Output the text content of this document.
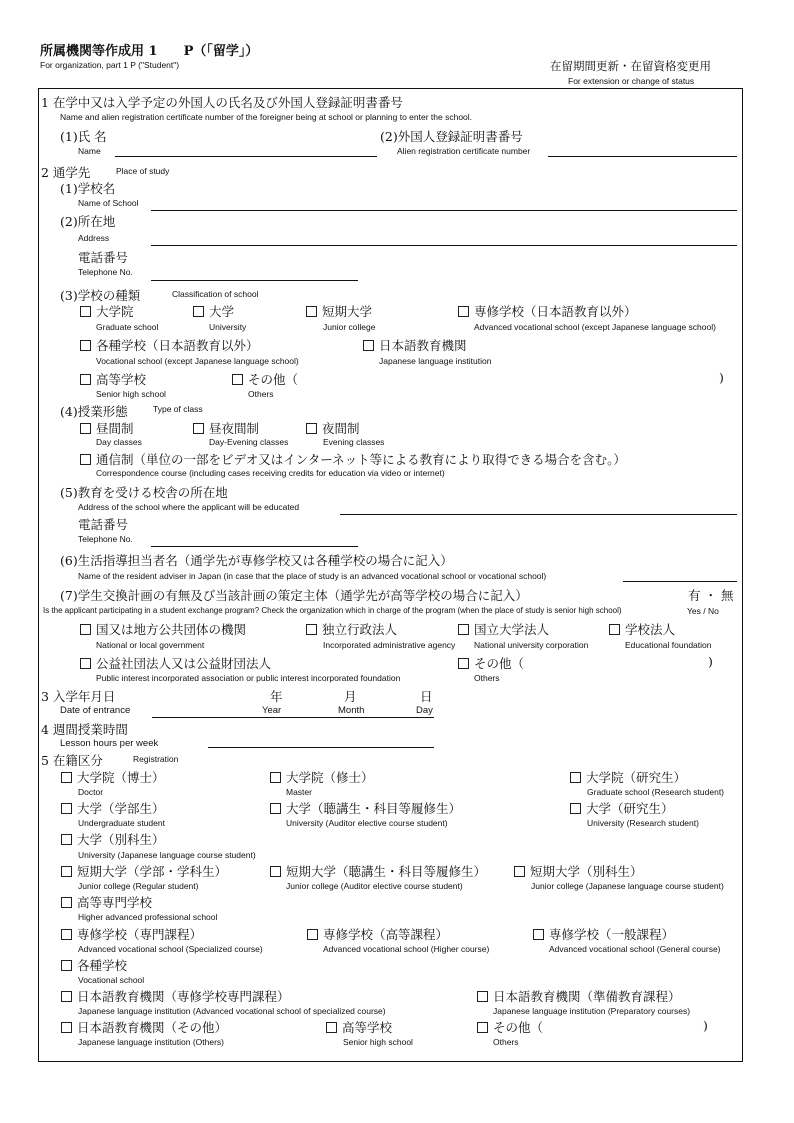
所属機関等作成用 1　　P（「留学」）
For organization, part 1 P ("Student")	在留期間更新・在留資格変更用
For extension or change of status
1 在学中又は入学予定の外国人の氏名及び外国人登録証明書番号
Name and alien registration certificate number of the foreigner being at school or planning to enter the school.
(1)氏 名
Name
(2)外国人登録証明書番号
Alien registration certificate number
2 通学先	Place of study
(1)学校名
Name of School
(2)所在地
Address
電話番号
Telephone No.
(3)学校の種類	Classification of school
大学院
Graduate school
大学
University
短期大学
Junior college
専修学校（日本語教育以外）
Advanced vocational school (except Japanese language school)
各種学校（日本語教育以外）
Vocational school (except Japanese language school)
日本語教育機関
Japanese language institution
高等学校
Senior high school
その他（
Others
)
(4)授業形態	Type of class
昼間制
Day classes
昼夜間制
Day-Evening classes
夜間制
Evening classes
通信制（単位の一部をビデオ又はインターネット等による教育により取得できる場合を含む。）
Correspondence course (including cases receiving credits for education via video or internet)
(5)教育を受ける校舎の所在地
Address of the school where the applicant will be educated
電話番号
Telephone No.
(6)生活指導担当者名（通学先が専修学校又は各種学校の場合に記入）
Name of the resident adviser in Japan (in case that the place of study is an advanced vocational school or vocational school)
(7)学生交換計画の有無及び当該計画の策定主体（通学先が高等学校の場合に記入）	有 ・ 無
Is the applicant participating in a student exchange program? Check the organization which in charge of the program (when the place of study is senior high school)	Yes / No
国又は地方公共団体の機関
National or local government
独立行政法人
Incorporated administrative agency
国立大学法人
National university corporation
学校法人
Educational foundation
公益社団法人又は公益財団法人
Public interest incorporated association or public interest incorporated foundation
その他（
Others
)
3 入学年月日	年	月	日
Date of entrance	Year	Month	Day
4 週間授業時間
Lesson hours per week
5 在籍区分	Registration
大学院（博士）
Doctor
大学院（修士）
Master
大学院（研究生）
Graduate school (Research student)
大学（学部生）
Undergraduate student
大学（聴講生・科目等履修生）
University (Auditor elective course student)
大学（研究生）
University (Research student)
大学（別科生）
University (Japanese language course student)
短期大学（学部・学科生）
Junior college (Regular student)
短期大学（聴講生・科目等履修生）
Junior college (Auditor elective course student)
短期大学（別科生）
Junior college (Japanese language course student)
高等専門学校
Higher advanced professional school
専修学校（専門課程）
Advanced vocational school (Specialized course)
専修学校（高等課程）
Advanced vocational school (Higher course)
専修学校（一般課程）
Advanced vocational school (General course)
各種学校
Vocational school
日本語教育機関（専修学校専門課程）
Japanese language institution (Advanced vocational school of specialized course)
日本語教育機関（準備教育課程）
Japanese language institution (Preparatory courses)
日本語教育機関（その他）
Japanese language institution (Others)
高等学校
Senior high school
その他（
Others
)
